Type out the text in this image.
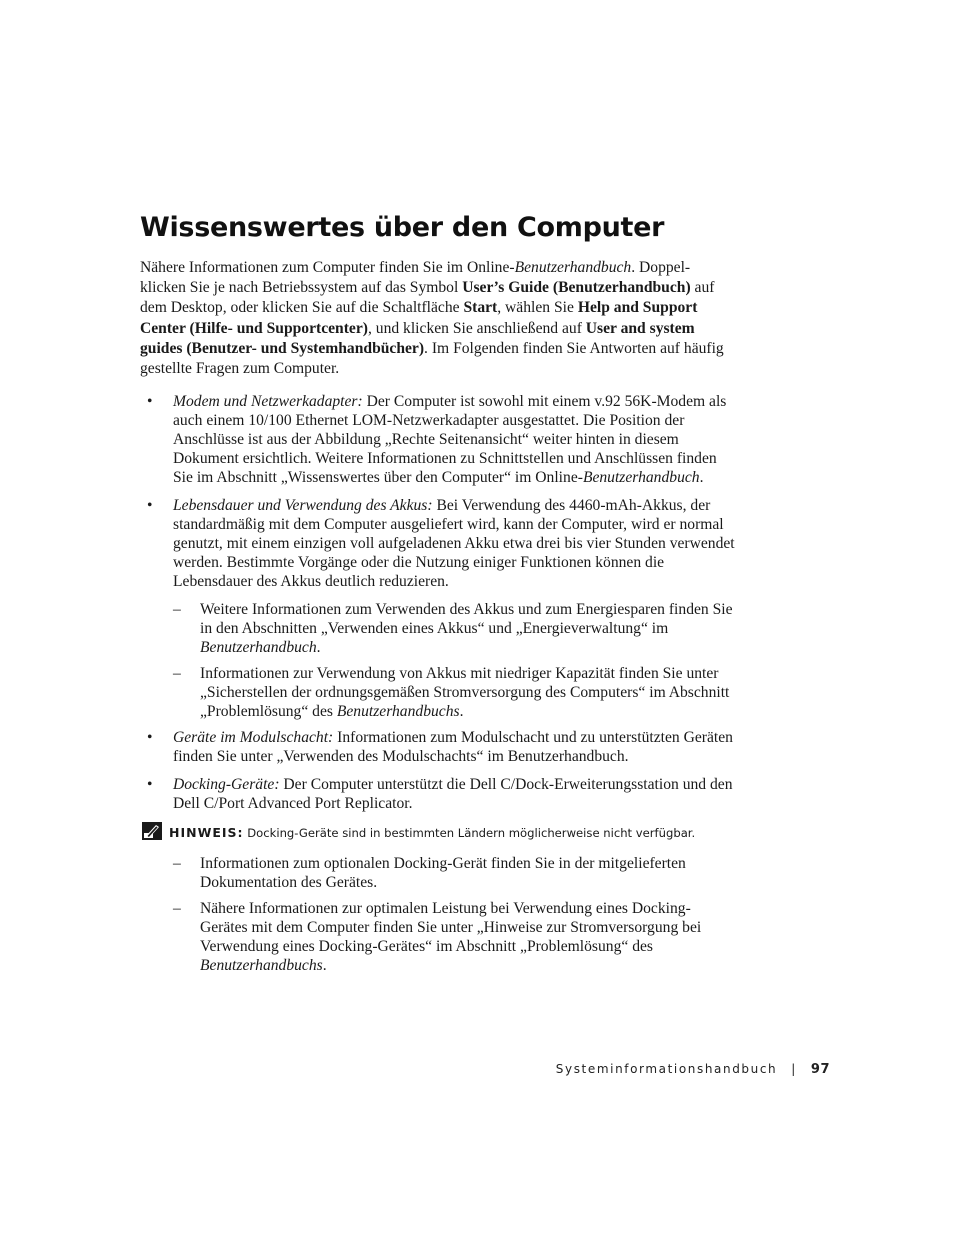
Wissenswertes über den Computer

Nähere Informationen zum Computer finden Sie im Online-Benutzerhandbuch. Doppel-klicken Sie je nach Betriebssystem auf das Symbol User’s Guide (Benutzerhandbuch) auf dem Desktop, oder klicken Sie auf die Schaltfläche Start, wählen Sie Help and Support Center (Hilfe- und Supportcenter), und klicken Sie anschließend auf User and system guides (Benutzer- und Systemhandbücher). Im Folgenden finden Sie Antworten auf häufig gestellte Fragen zum Computer.

• Modem und Netzwerkadapter: Der Computer ist sowohl mit einem v.92 56K-Modem als auch einem 10/100 Ethernet LOM-Netzwerkadapter ausgestattet. Die Position der Anschlüsse ist aus der Abbildung „Rechte Seitenansicht“ weiter hinten in diesem Dokument ersichtlich. Weitere Informationen zu Schnittstellen und Anschlüssen finden Sie im Abschnitt „Wissenswertes über den Computer“ im Online-Benutzerhandbuch.
• Lebensdauer und Verwendung des Akkus: Bei Verwendung des 4460-mAh-Akkus, der standardmäßig mit dem Computer ausgeliefert wird, kann der Computer, wird er normal genutzt, mit einem einzigen voll aufgeladenen Akku etwa drei bis vier Stunden verwendet werden. Bestimmte Vorgänge oder die Nutzung einiger Funktionen können die Lebensdauer des Akkus deutlich reduzieren.
– Weitere Informationen zum Verwenden des Akkus und zum Energiesparen finden Sie in den Abschnitten „Verwenden eines Akkus“ und „Energieverwaltung“ im Benutzerhandbuch.
– Informationen zur Verwendung von Akkus mit niedriger Kapazität finden Sie unter „Sicherstellen der ordnungsgemäßen Stromversorgung des Computers“ im Abschnitt „Problemlösung“ des Benutzerhandbuchs.
• Geräte im Modulschacht: Informationen zum Modulschacht und zu unterstützten Geräten finden Sie unter „Verwenden des Modulschachts“ im Benutzerhandbuch.
• Docking-Geräte: Der Computer unterstützt die Dell C/Dock-Erweiterungsstation und den Dell C/Port Advanced Port Replicator.
HINWEIS: Docking-Geräte sind in bestimmten Ländern möglicherweise nicht verfügbar.
– Informationen zum optionalen Docking-Gerät finden Sie in der mitgelieferten Dokumentation des Gerätes.
– Nähere Informationen zur optimalen Leistung bei Verwendung eines Docking-Gerätes mit dem Computer finden Sie unter „Hinweise zur Stromversorgung bei Verwendung eines Docking-Gerätes“ im Abschnitt „Problemlösung“ des Benutzerhandbuchs.
Systeminformationshandbuch | 97
